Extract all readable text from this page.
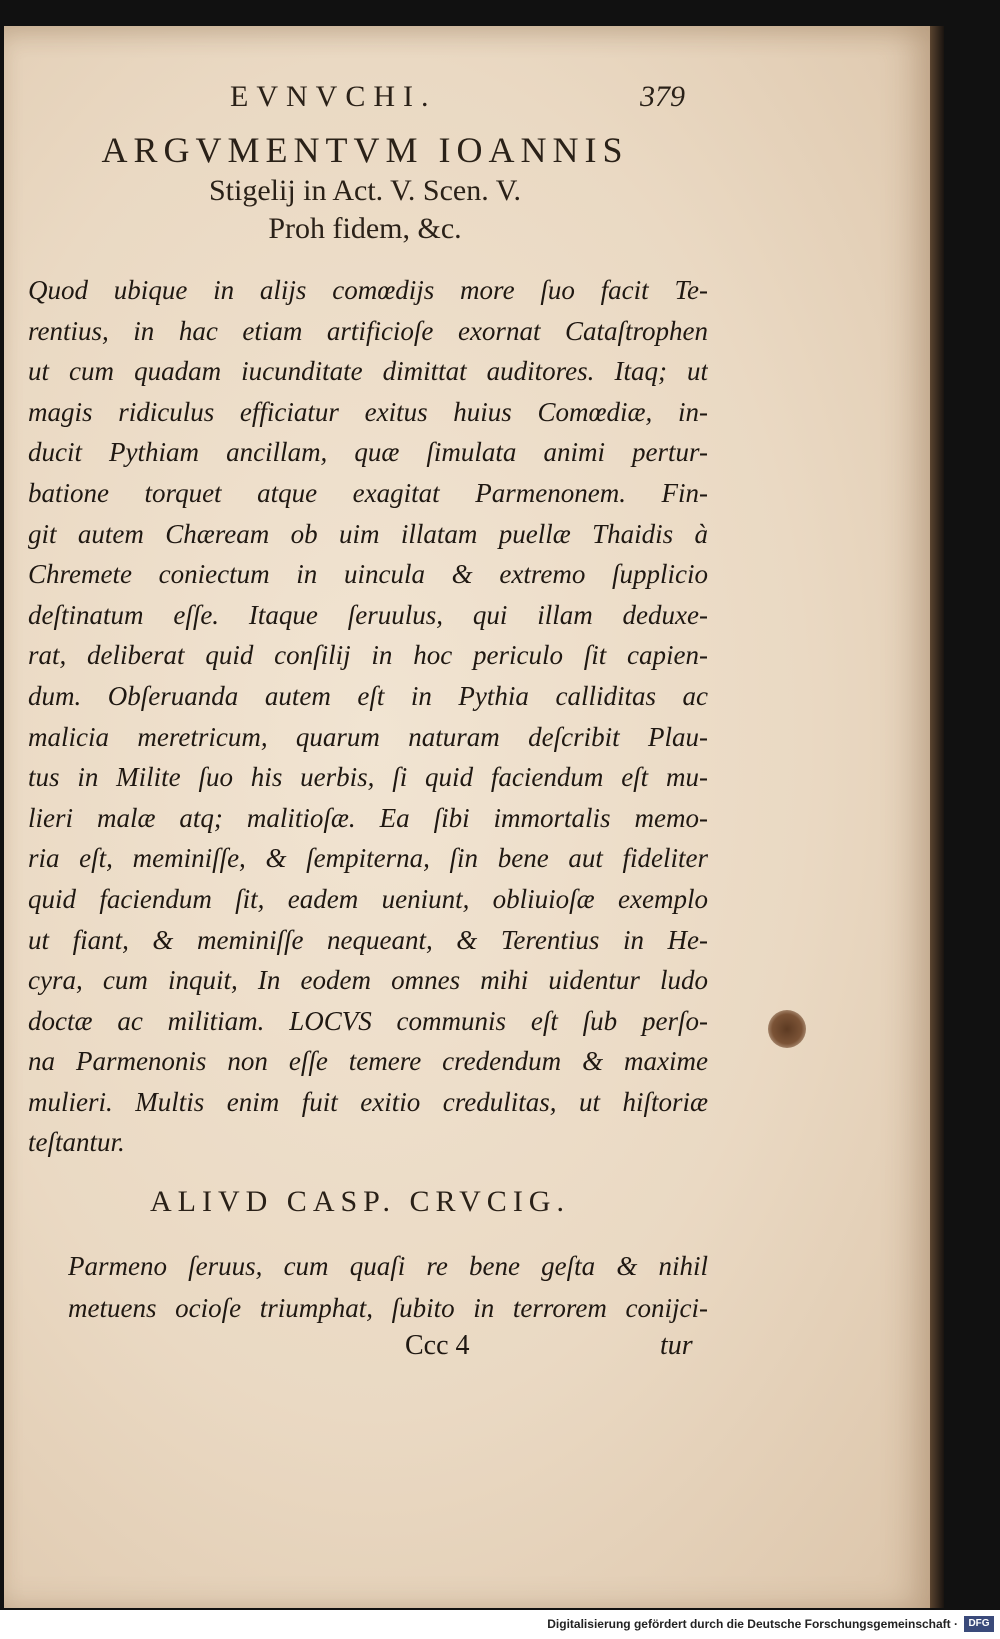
EVNVCHI.	379
ARGVMENTVM IOANNIS
Stigelij in Act. V. Scen. V.
Proh fidem, &c.
Quod ubique in alijs comœdijs more ſuo facit Te-
rentius, in hac etiam artificioſe exornat Cataſtrophen
ut cum quadam iucunditate dimittat auditores. Itaq; ut
magis ridiculus efficiatur exitus huius Comœdiæ, in-
ducit Pythiam ancillam, quæ ſimulata animi pertur-
batione torquet atque exagitat Parmenonem. Fin-
git autem Chæream ob uim illatam puellæ Thaidis à
Chremete coniectum in uincula & extremo ſupplicio
deſtinatum eſſe. Itaque ſeruulus, qui illam deduxe-
rat, deliberat quid conſilij in hoc periculo ſit capien-
dum. Obſeruanda autem eſt in Pythia calliditas ac
malicia meretricum, quarum naturam deſcribit Plau-
tus in Milite ſuo his uerbis, ſi quid faciendum eſt mu-
lieri malæ atq; malitioſæ. Ea ſibi immortalis memo-
ria eſt, meminiſſe, & ſempiterna, ſin bene aut fideliter
quid faciendum ſit, eadem ueniunt, obliuioſæ exemplo
ut fiant, & meminiſſe nequeant, & Terentius in He-
cyra, cum inquit, In eodem omnes mihi uidentur ludo
doctæ ac militiam. LOCVS communis eſt ſub perſo-
na Parmenonis non eſſe temere credendum & maxime
mulieri. Multis enim fuit exitio credulitas, ut hiſtoriæ
teſtantur.
ALIVD CASP. CRVCIG.
Parmeno ſeruus, cum quaſi re bene geſta & nihil
metuens ocioſe triumphat, ſubito in terrorem conijci-
Ccc 4	tur
Digitalisierung gefördert durch die Deutsche Forschungsgemeinschaft ·	DFG
